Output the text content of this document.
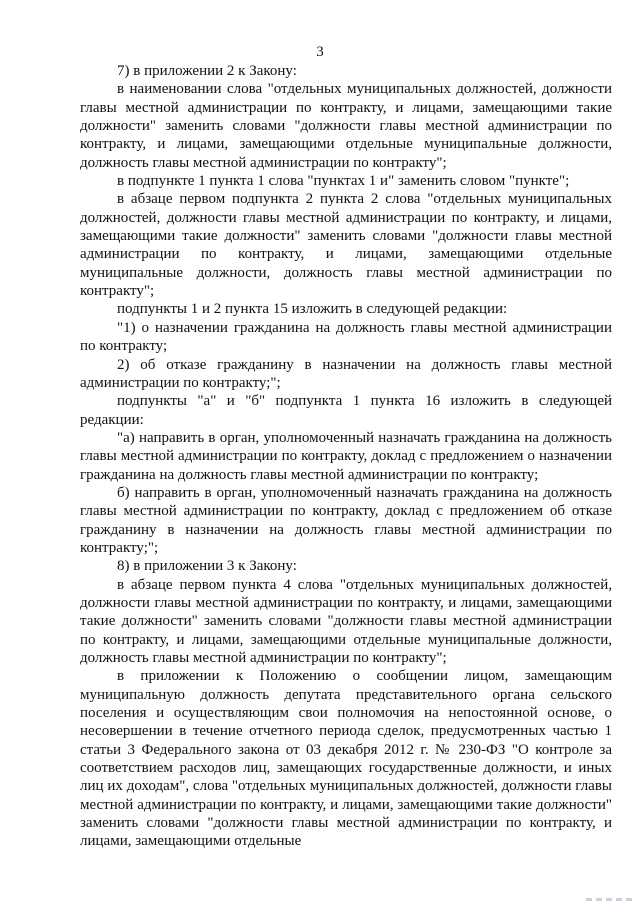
3

7) в приложении 2 к Закону:

в наименовании слова "отдельных муниципальных должностей, должности главы местной администрации по контракту, и лицами, замещающими такие должности" заменить словами "должности главы местной администрации по контракту, и лицами, замещающими отдельные муниципальные должности, должность главы местной администрации по контракту";

в подпункте 1 пункта 1 слова "пунктах 1 и" заменить словом "пункте";

в абзаце первом подпункта 2 пункта 2 слова "отдельных муниципальных должностей, должности главы местной администрации по контракту, и лицами, замещающими такие должности" заменить словами "должности главы местной администрации по контракту, и лицами, замещающими отдельные муниципальные должности, должность главы местной администрации по контракту";

подпункты 1 и 2 пункта 15 изложить в следующей редакции:

"1) о назначении гражданина на должность главы местной администрации по контракту;

2) об отказе гражданину в назначении на должность главы местной администрации по контракту;";

подпункты "а" и "б" подпункта 1 пункта 16 изложить в следующей редакции:

"а) направить в орган, уполномоченный назначать гражданина на должность главы местной администрации по контракту, доклад с предложением о назначении гражданина на должность главы местной администрации по контракту;

б) направить в орган, уполномоченный назначать гражданина на должность главы местной администрации по контракту, доклад с предложением об отказе гражданину в назначении на должность главы местной администрации по контракту;";

8) в приложении 3 к Закону:

в абзаце первом пункта 4 слова "отдельных муниципальных должностей, должности главы местной администрации по контракту, и лицами, замещающими такие должности" заменить словами "должности главы местной администрации по контракту, и лицами, замещающими отдельные муниципальные должности, должность главы местной администрации по контракту";

в приложении к Положению о сообщении лицом, замещающим муниципальную должность депутата представительного органа сельского поселения и осуществляющим свои полномочия на непостоянной основе, о несовершении в течение отчетного периода сделок, предусмотренных частью 1 статьи 3 Федерального закона от 03 декабря 2012 г. № 230-ФЗ "О контроле за соответствием расходов лиц, замещающих государственные должности, и иных лиц их доходам", слова "отдельных муниципальных должностей, должности главы местной администрации по контракту, и лицами, замещающими такие должности" заменить словами "должности главы местной администрации по контракту, и лицами, замещающими отдельные
